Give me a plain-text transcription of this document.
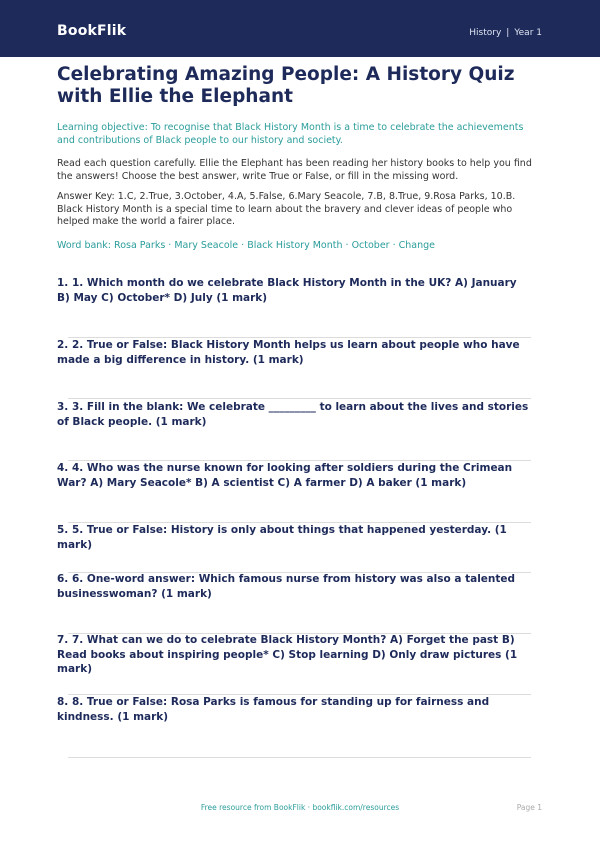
BookFlik	History | Year 1
Celebrating Amazing People: A History Quiz with Ellie the Elephant
Learning objective: To recognise that Black History Month is a time to celebrate the achievements and contributions of Black people to our history and society.
Read each question carefully. Ellie the Elephant has been reading her history books to help you find the answers! Choose the best answer, write True or False, or fill in the missing word.
Answer Key: 1.C, 2.True, 3.October, 4.A, 5.False, 6.Mary Seacole, 7.B, 8.True, 9.Rosa Parks, 10.B. Black History Month is a special time to learn about the bravery and clever ideas of people who helped make the world a fairer place.
Word bank: Rosa Parks · Mary Seacole · Black History Month · October · Change
1. 1. Which month do we celebrate Black History Month in the UK? A) January B) May C) October* D) July (1 mark)
2. 2. True or False: Black History Month helps us learn about people who have made a big difference in history. (1 mark)
3. 3. Fill in the blank: We celebrate _________ to learn about the lives and stories of Black people. (1 mark)
4. 4. Who was the nurse known for looking after soldiers during the Crimean War? A) Mary Seacole* B) A scientist C) A farmer D) A baker (1 mark)
5. 5. True or False: History is only about things that happened yesterday. (1 mark)
6. 6. One-word answer: Which famous nurse from history was also a talented businesswoman? (1 mark)
7. 7. What can we do to celebrate Black History Month? A) Forget the past B) Read books about inspiring people* C) Stop learning D) Only draw pictures (1 mark)
8. 8. True or False: Rosa Parks is famous for standing up for fairness and kindness. (1 mark)
Free resource from BookFlik · bookflik.com/resources	Page 1
